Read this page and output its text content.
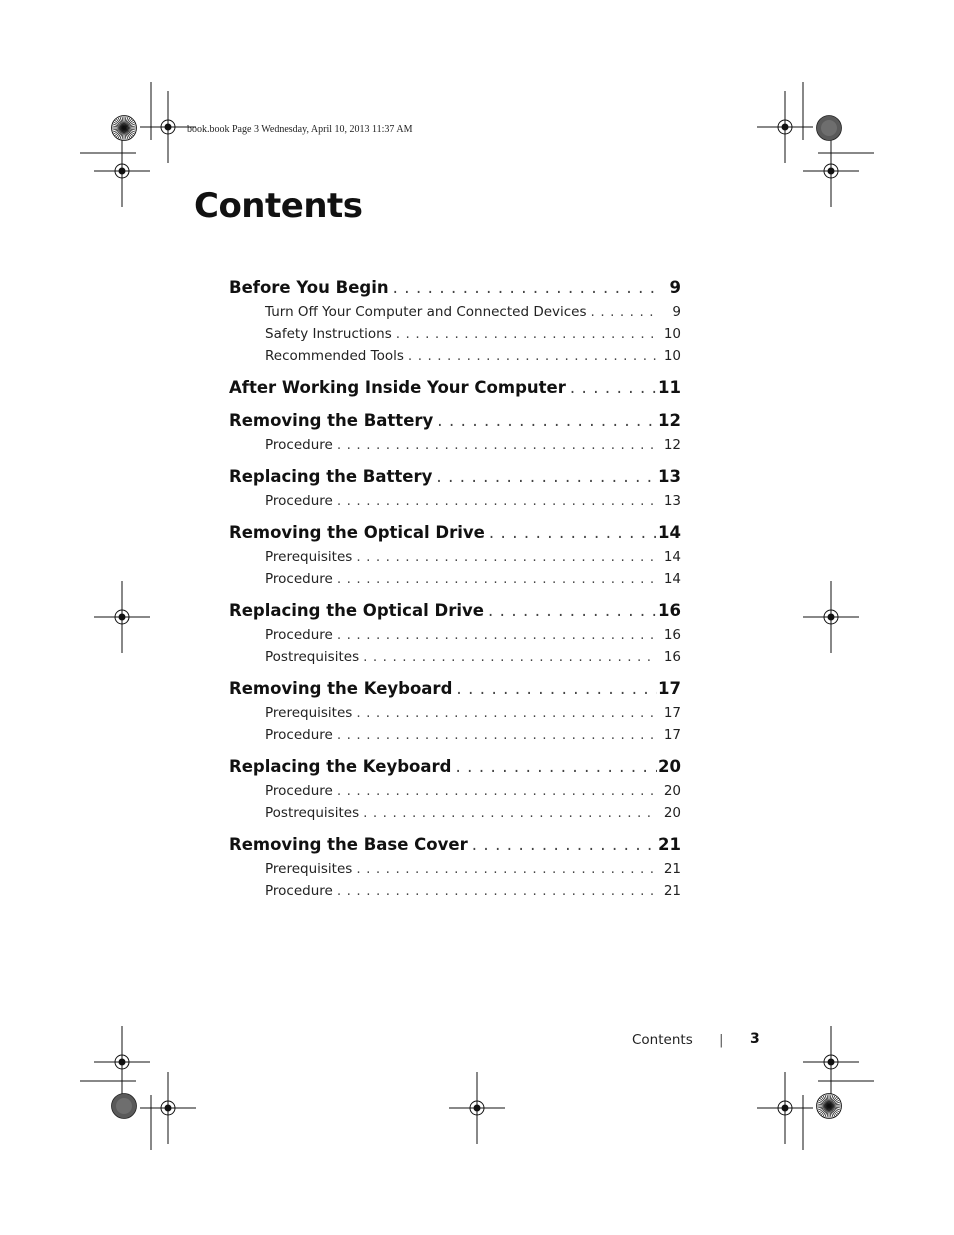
book.book Page 3 Wednesday, April 10, 2013 11:37 AM
Contents
Before You Begin . . .	9
Turn Off Your Computer and Connected Devices . . .	9
Safety Instructions . . .	10
Recommended Tools . . .	10
After Working Inside Your Computer . . .	11
Removing the Battery . . .	12
Procedure . . .	12
Replacing the Battery . . .	13
Procedure . . .	13
Removing the Optical Drive . . .	14
Prerequisites . . .	14
Procedure . . .	14
Replacing the Optical Drive . . .	16
Procedure . . .	16
Postrequisites . . .	16
Removing the Keyboard . . .	17
Prerequisites . . .	17
Procedure . . .	17
Replacing the Keyboard . . .	20
Procedure . . .	20
Postrequisites . . .	20
Removing the Base Cover . . .	21
Prerequisites . . .	21
Procedure . . .	21
Contents | 3
